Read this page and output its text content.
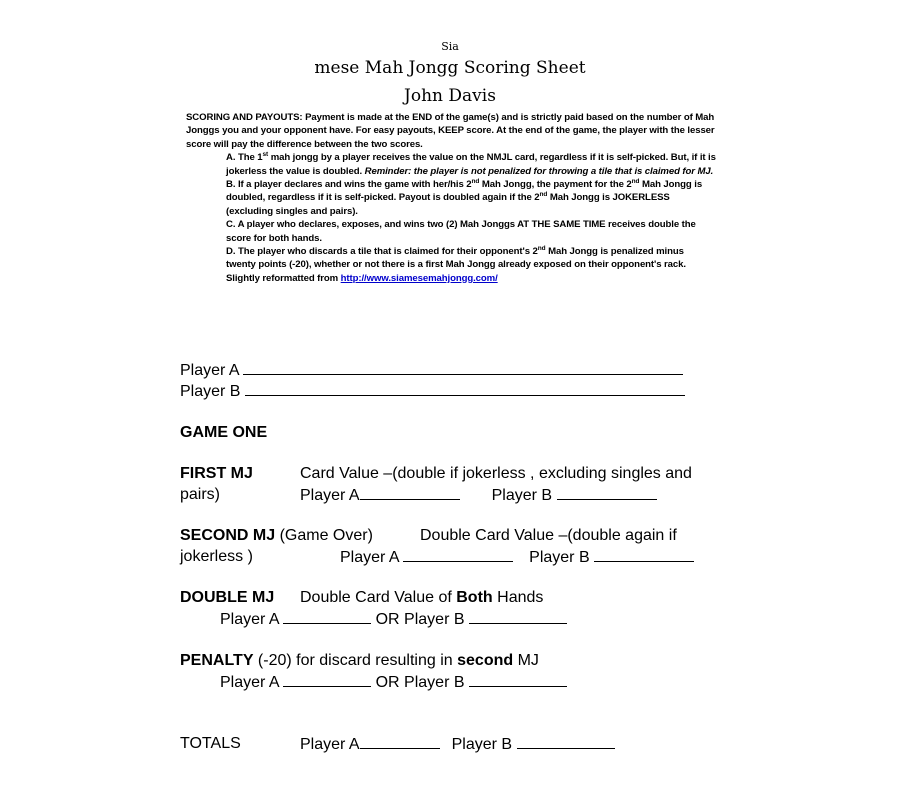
Sia
mese Mah Jongg Scoring Sheet
John Davis

SCORING AND PAYOUTS: Payment is made at the END of the game(s) and is strictly paid based on the number of Mah Jonggs you and your opponent have. For easy payouts, KEEP score. At the end of the game, the player with the lesser score will pay the difference between the two scores.

A. The 1st mah jongg by a player receives the value on the NMJL card, regardless if it is self-picked. But, if it is jokerless the value is doubled. Reminder: the player is not penalized for throwing a tile that is claimed for MJ.

B. If a player declares and wins the game with her/his 2nd Mah Jongg, the payment for the 2nd Mah Jongg is doubled, regardless if it is self-picked. Payout is doubled again if the 2nd Mah Jongg is JOKERLESS (excluding singles and pairs).

C. A player who declares, exposes, and wins two (2) Mah Jonggs AT THE SAME TIME receives double the score for both hands.

D. The player who discards a tile that is claimed for their opponent's 2nd Mah Jongg is penalized minus twenty points (-20), whether or not there is a first Mah Jongg already exposed on their opponent's rack. Slightly reformatted from http://www.siamesemahjongg.com/

Player A
Player B
GAME ONE
FIRST MJ	Card Value –(double if jokerless , excluding singles and
pairs)	Player A	Player B
SECOND MJ (Game Over)	Double Card Value –(double again if
jokerless )	Player A	Player B
DOUBLE MJ Double Card Value of Both Hands
Player A	OR Player B
PENALTY (-20) for discard resulting in second MJ
Player A	OR Player B
TOTALS	Player A	Player B
